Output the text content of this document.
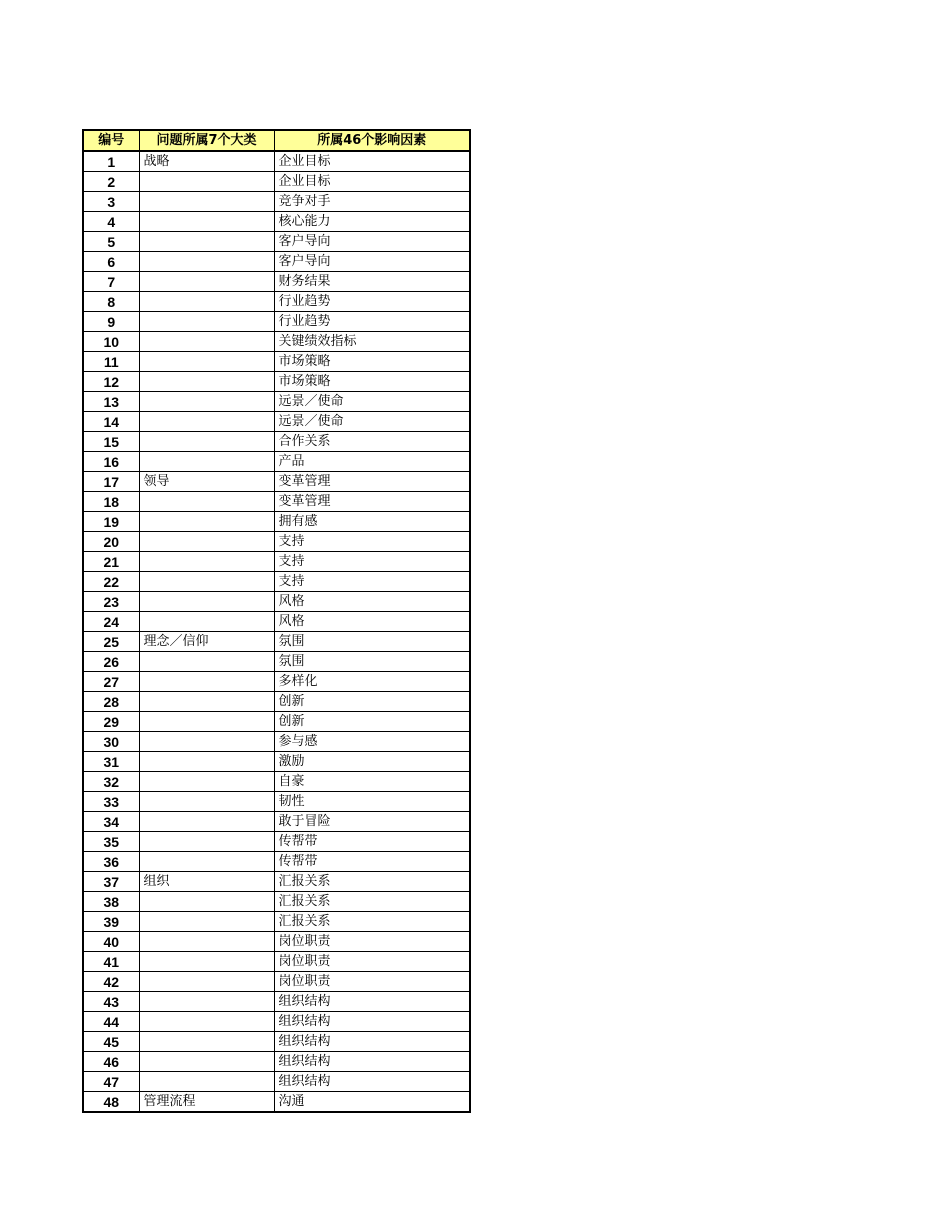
编号	问题所属7个大类	所属46个影响因素
1	战略	企业目标
2		企业目标
3		竞争对手
4		核心能力
5		客户导向
6		客户导向
7		财务结果
8		行业趋势
9		行业趋势
10		关键绩效指标
11		市场策略
12		市场策略
13		远景／使命
14		远景／使命
15		合作关系
16		产品
17	领导	变革管理
18		变革管理
19		拥有感
20		支持
21		支持
22		支持
23		风格
24		风格
25	理念／信仰	氛围
26		氛围
27		多样化
28		创新
29		创新
30		参与感
31		激励
32		自豪
33		韧性
34		敢于冒险
35		传帮带
36		传帮带
37	组织	汇报关系
38		汇报关系
39		汇报关系
40		岗位职责
41		岗位职责
42		岗位职责
43		组织结构
44		组织结构
45		组织结构
46		组织结构
47		组织结构
48	管理流程	沟通
